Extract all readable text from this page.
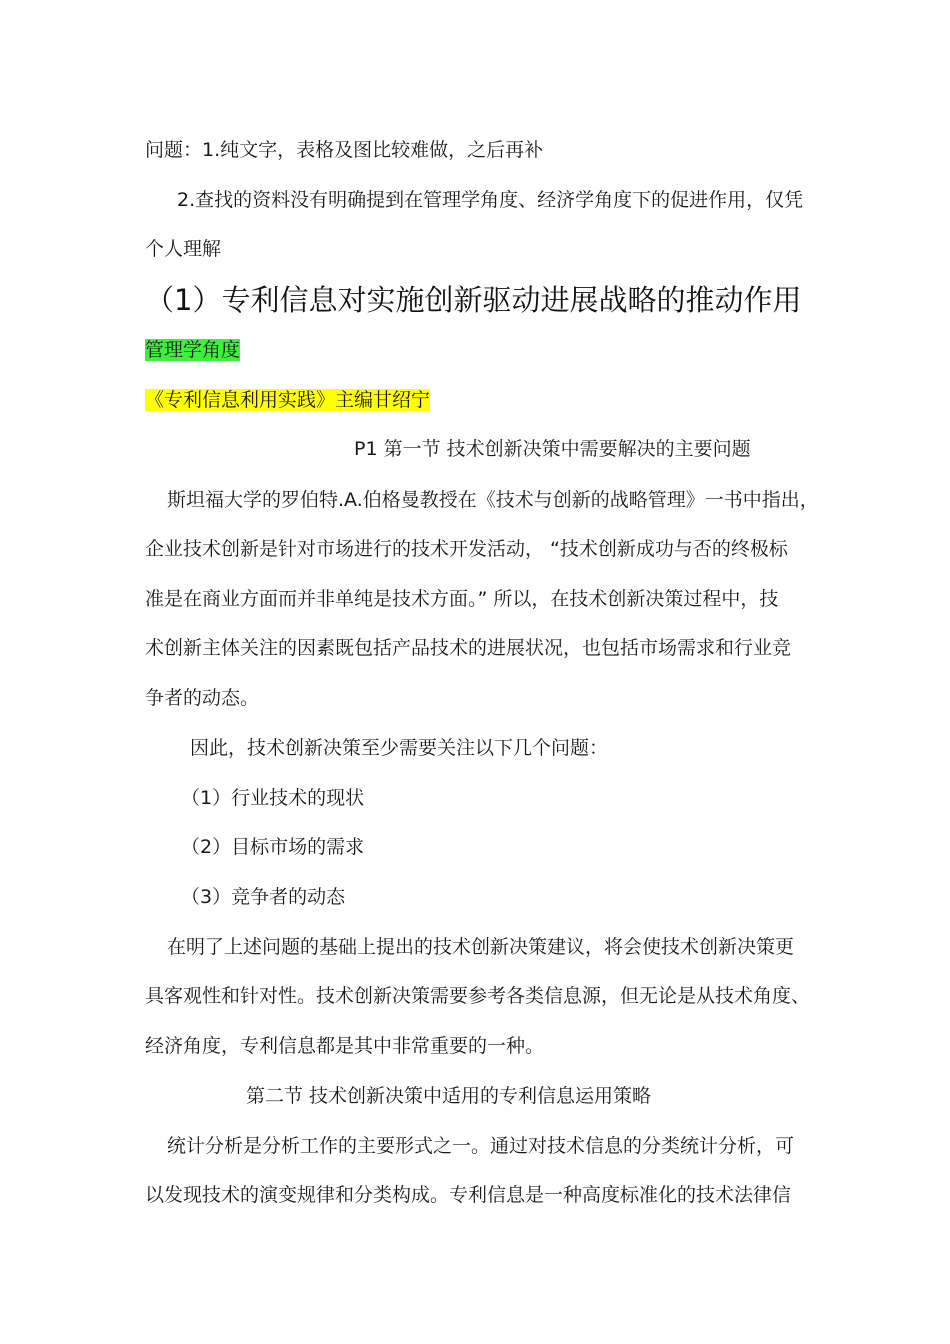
问题：1.纯文字，表格及图比较难做，之后再补
2.查找的资料没有明确提到在管理学角度、经济学角度下的促进作用，仅凭
个人理解
（1）专利信息对实施创新驱动进展战略的推动作用
管理学角度
《专利信息利用实践》主编甘绍宁
P1 第一节 技术创新决策中需要解决的主要问题
斯坦福大学的罗伯特.A.伯格曼教授在《技术与创新的战略管理》一书中指出，
企业技术创新是针对市场进行的技术开发活动， “技术创新成功与否的终极标
准是在商业方面而并非单纯是技术方面。” 所以，在技术创新决策过程中，技
术创新主体关注的因素既包括产品技术的进展状况，也包括市场需求和行业竞
争者的动态。
因此，技术创新决策至少需要关注以下几个问题：
（1）行业技术的现状
（2）目标市场的需求
（3）竞争者的动态
在明了上述问题的基础上提出的技术创新决策建议，将会使技术创新决策更
具客观性和针对性。技术创新决策需要参考各类信息源，但无论是从技术角度、
经济角度，专利信息都是其中非常重要的一种。
第二节 技术创新决策中适用的专利信息运用策略
统计分析是分析工作的主要形式之一。通过对技术信息的分类统计分析，可
以发现技术的演变规律和分类构成。专利信息是一种高度标准化的技术法律信
